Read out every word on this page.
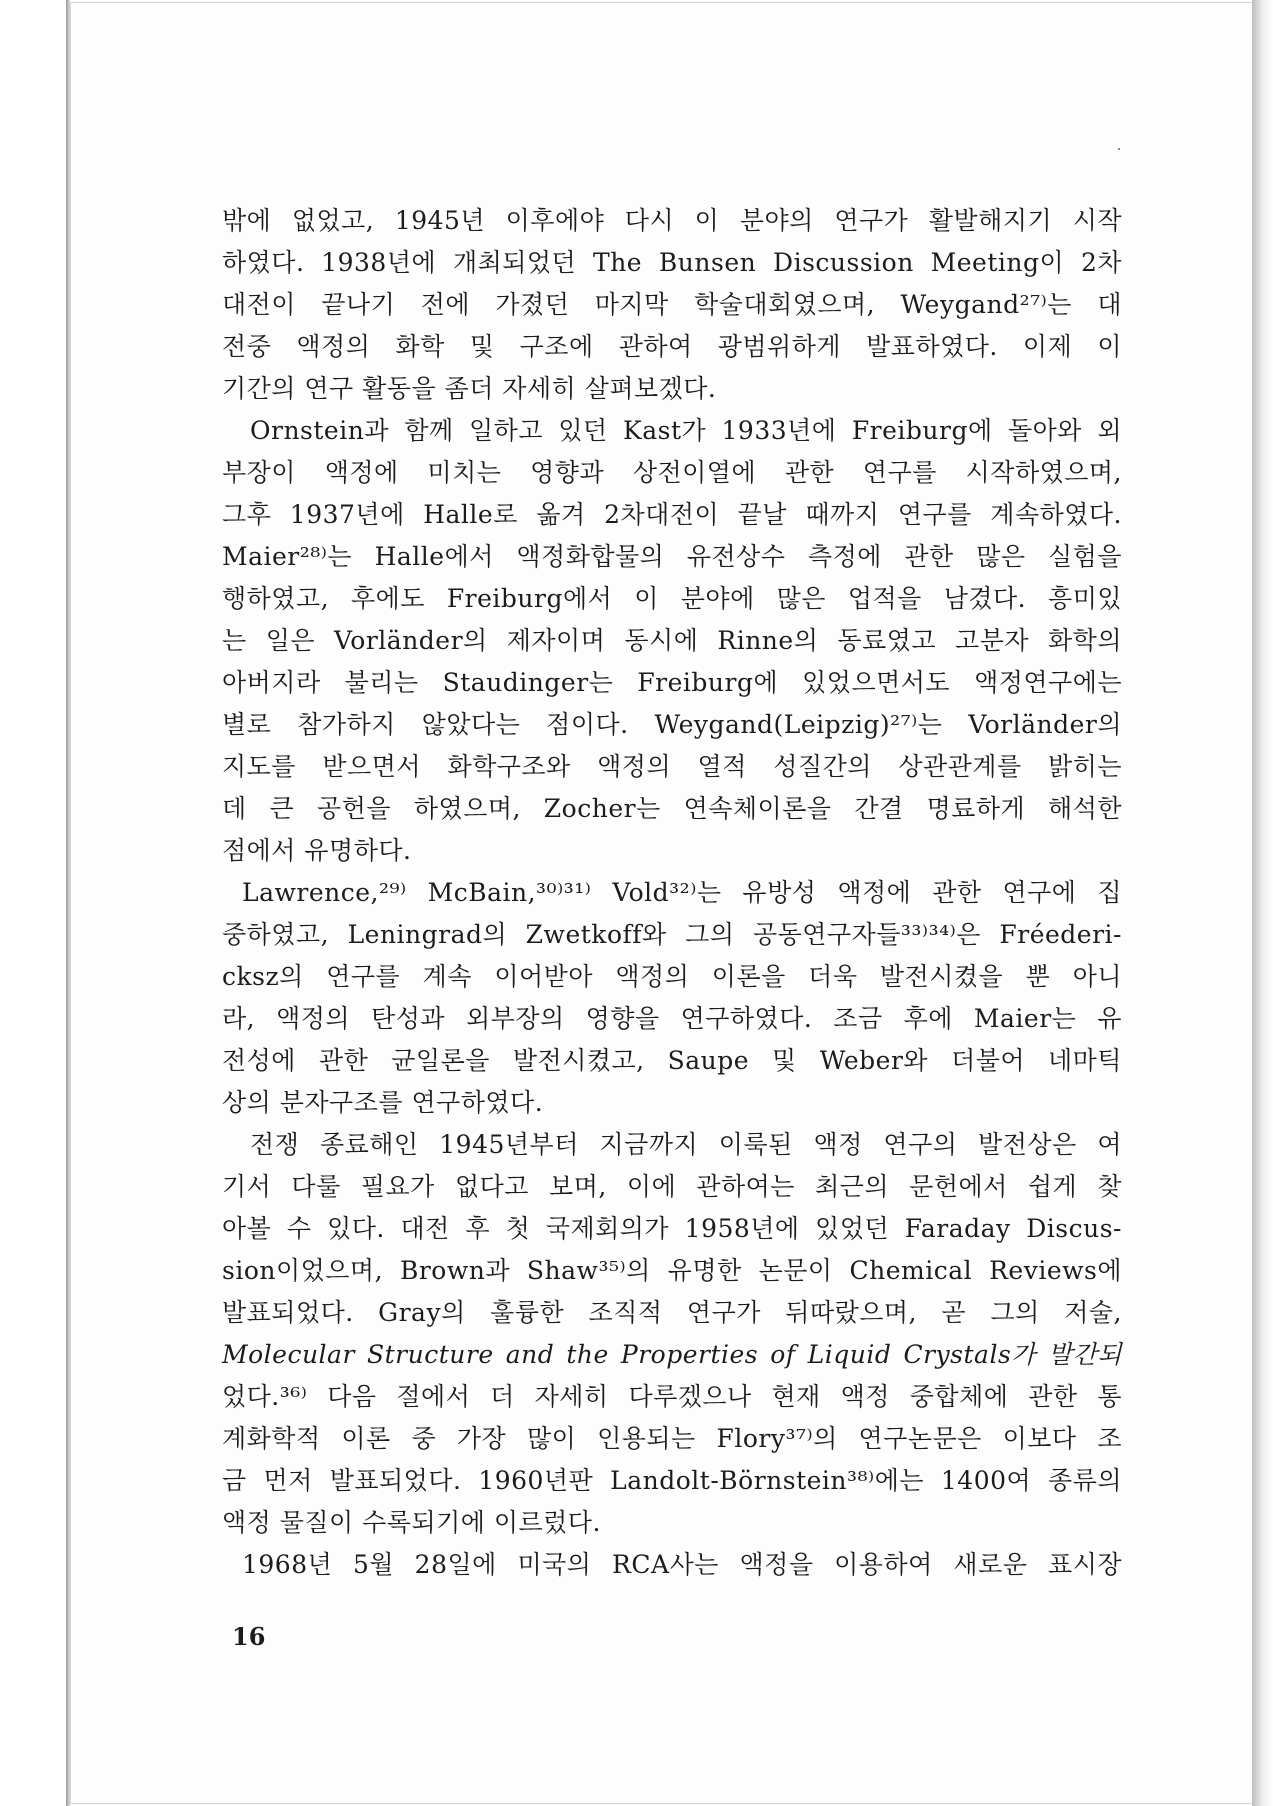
밖에 없었고, 1945년 이후에야 다시 이 분야의 연구가 활발해지기 시작
하였다. 1938년에 개최되었던 The Bunsen Discussion Meeting이 2차
대전이 끝나기 전에 가졌던 마지막 학술대회였으며, Weygand²⁷⁾는 대
전중 액정의 화학 및 구조에 관하여 광범위하게 발표하였다. 이제 이
기간의 연구 활동을 좀더 자세히 살펴보겠다.
Ornstein과 함께 일하고 있던 Kast가 1933년에 Freiburg에 돌아와 외
부장이 액정에 미치는 영향과 상전이열에 관한 연구를 시작하였으며,
그후 1937년에 Halle로 옮겨 2차대전이 끝날 때까지 연구를 계속하였다.
Maier²⁸⁾는 Halle에서 액정화합물의 유전상수 측정에 관한 많은 실험을
행하였고, 후에도 Freiburg에서 이 분야에 많은 업적을 남겼다. 흥미있
는 일은 Vorländer의 제자이며 동시에 Rinne의 동료였고 고분자 화학의
아버지라 불리는 Staudinger는 Freiburg에 있었으면서도 액정연구에는
별로 참가하지 않았다는 점이다. Weygand(Leipzig)²⁷⁾는 Vorländer의
지도를 받으면서 화학구조와 액정의 열적 성질간의 상관관계를 밝히는
데 큰 공헌을 하였으며, Zocher는 연속체이론을 간결 명료하게 해석한
점에서 유명하다.
Lawrence,²⁹⁾ McBain,³⁰⁾³¹⁾ Vold³²⁾는 유방성 액정에 관한 연구에 집
중하였고, Leningrad의 Zwetkoff와 그의 공동연구자들³³⁾³⁴⁾은 Fréederi-
cksz의 연구를 계속 이어받아 액정의 이론을 더욱 발전시켰을 뿐 아니
라, 액정의 탄성과 외부장의 영향을 연구하였다. 조금 후에 Maier는 유
전성에 관한 균일론을 발전시켰고, Saupe 및 Weber와 더불어 네마틱
상의 분자구조를 연구하였다.
전쟁 종료해인 1945년부터 지금까지 이룩된 액정 연구의 발전상은 여
기서 다룰 필요가 없다고 보며, 이에 관하여는 최근의 문헌에서 쉽게 찾
아볼 수 있다. 대전 후 첫 국제회의가 1958년에 있었던 Faraday Discus-
sion이었으며, Brown과 Shaw³⁵⁾의 유명한 논문이 Chemical Reviews에
발표되었다. Gray의 훌륭한 조직적 연구가 뒤따랐으며, 곧 그의 저술,
Molecular Structure and the Properties of Liquid Crystals가 발간되
었다.³⁶⁾ 다음 절에서 더 자세히 다루겠으나 현재 액정 중합체에 관한 통
계화학적 이론 중 가장 많이 인용되는 Flory³⁷⁾의 연구논문은 이보다 조
금 먼저 발표되었다. 1960년판 Landolt-Börnstein³⁸⁾에는 1400여 종류의
액정 물질이 수록되기에 이르렀다.
1968년 5월 28일에 미국의 RCA사는 액정을 이용하여 새로운 표시장
16
